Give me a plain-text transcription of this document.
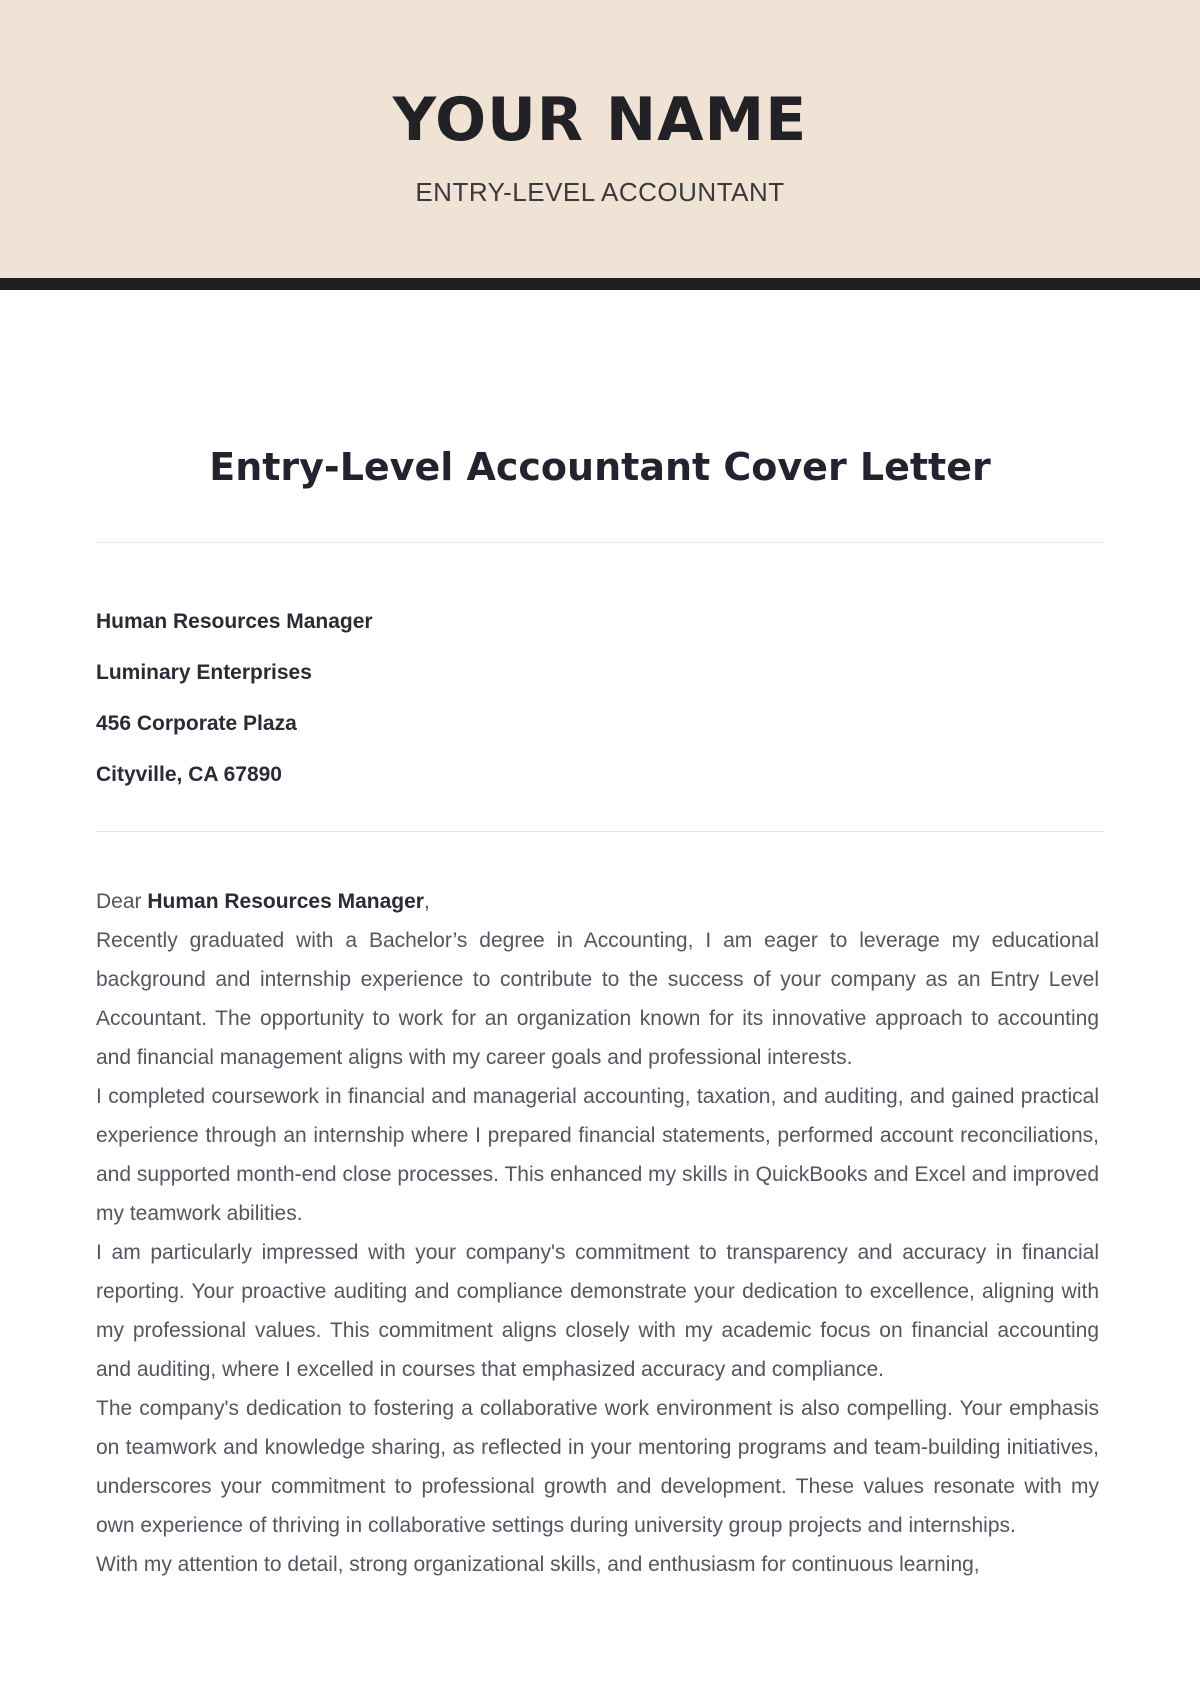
YOUR NAME
ENTRY-LEVEL ACCOUNTANT
Entry-Level Accountant Cover Letter
Human Resources Manager
Luminary Enterprises
456 Corporate Plaza
Cityville, CA 67890

Dear Human Resources Manager,

Recently graduated with a Bachelor’s degree in Accounting, I am eager to leverage my educational background and internship experience to contribute to the success of your company as an Entry Level Accountant. The opportunity to work for an organization known for its innovative approach to accounting and financial management aligns with my career goals and professional interests.

I completed coursework in financial and managerial accounting, taxation, and auditing, and gained practical experience through an internship where I prepared financial statements, performed account reconciliations, and supported month-end close processes. This enhanced my skills in QuickBooks and Excel and improved my teamwork abilities.

I am particularly impressed with your company's commitment to transparency and accuracy in financial reporting. Your proactive auditing and compliance demonstrate your dedication to excellence, aligning with my professional values. This commitment aligns closely with my academic focus on financial accounting and auditing, where I excelled in courses that emphasized accuracy and compliance.

The company's dedication to fostering a collaborative work environment is also compelling. Your emphasis on teamwork and knowledge sharing, as reflected in your mentoring programs and team-building initiatives, underscores your commitment to professional growth and development. These values resonate with my own experience of thriving in collaborative settings during university group projects and internships.

With my attention to detail, strong organizational skills, and enthusiasm for continuous learning,
